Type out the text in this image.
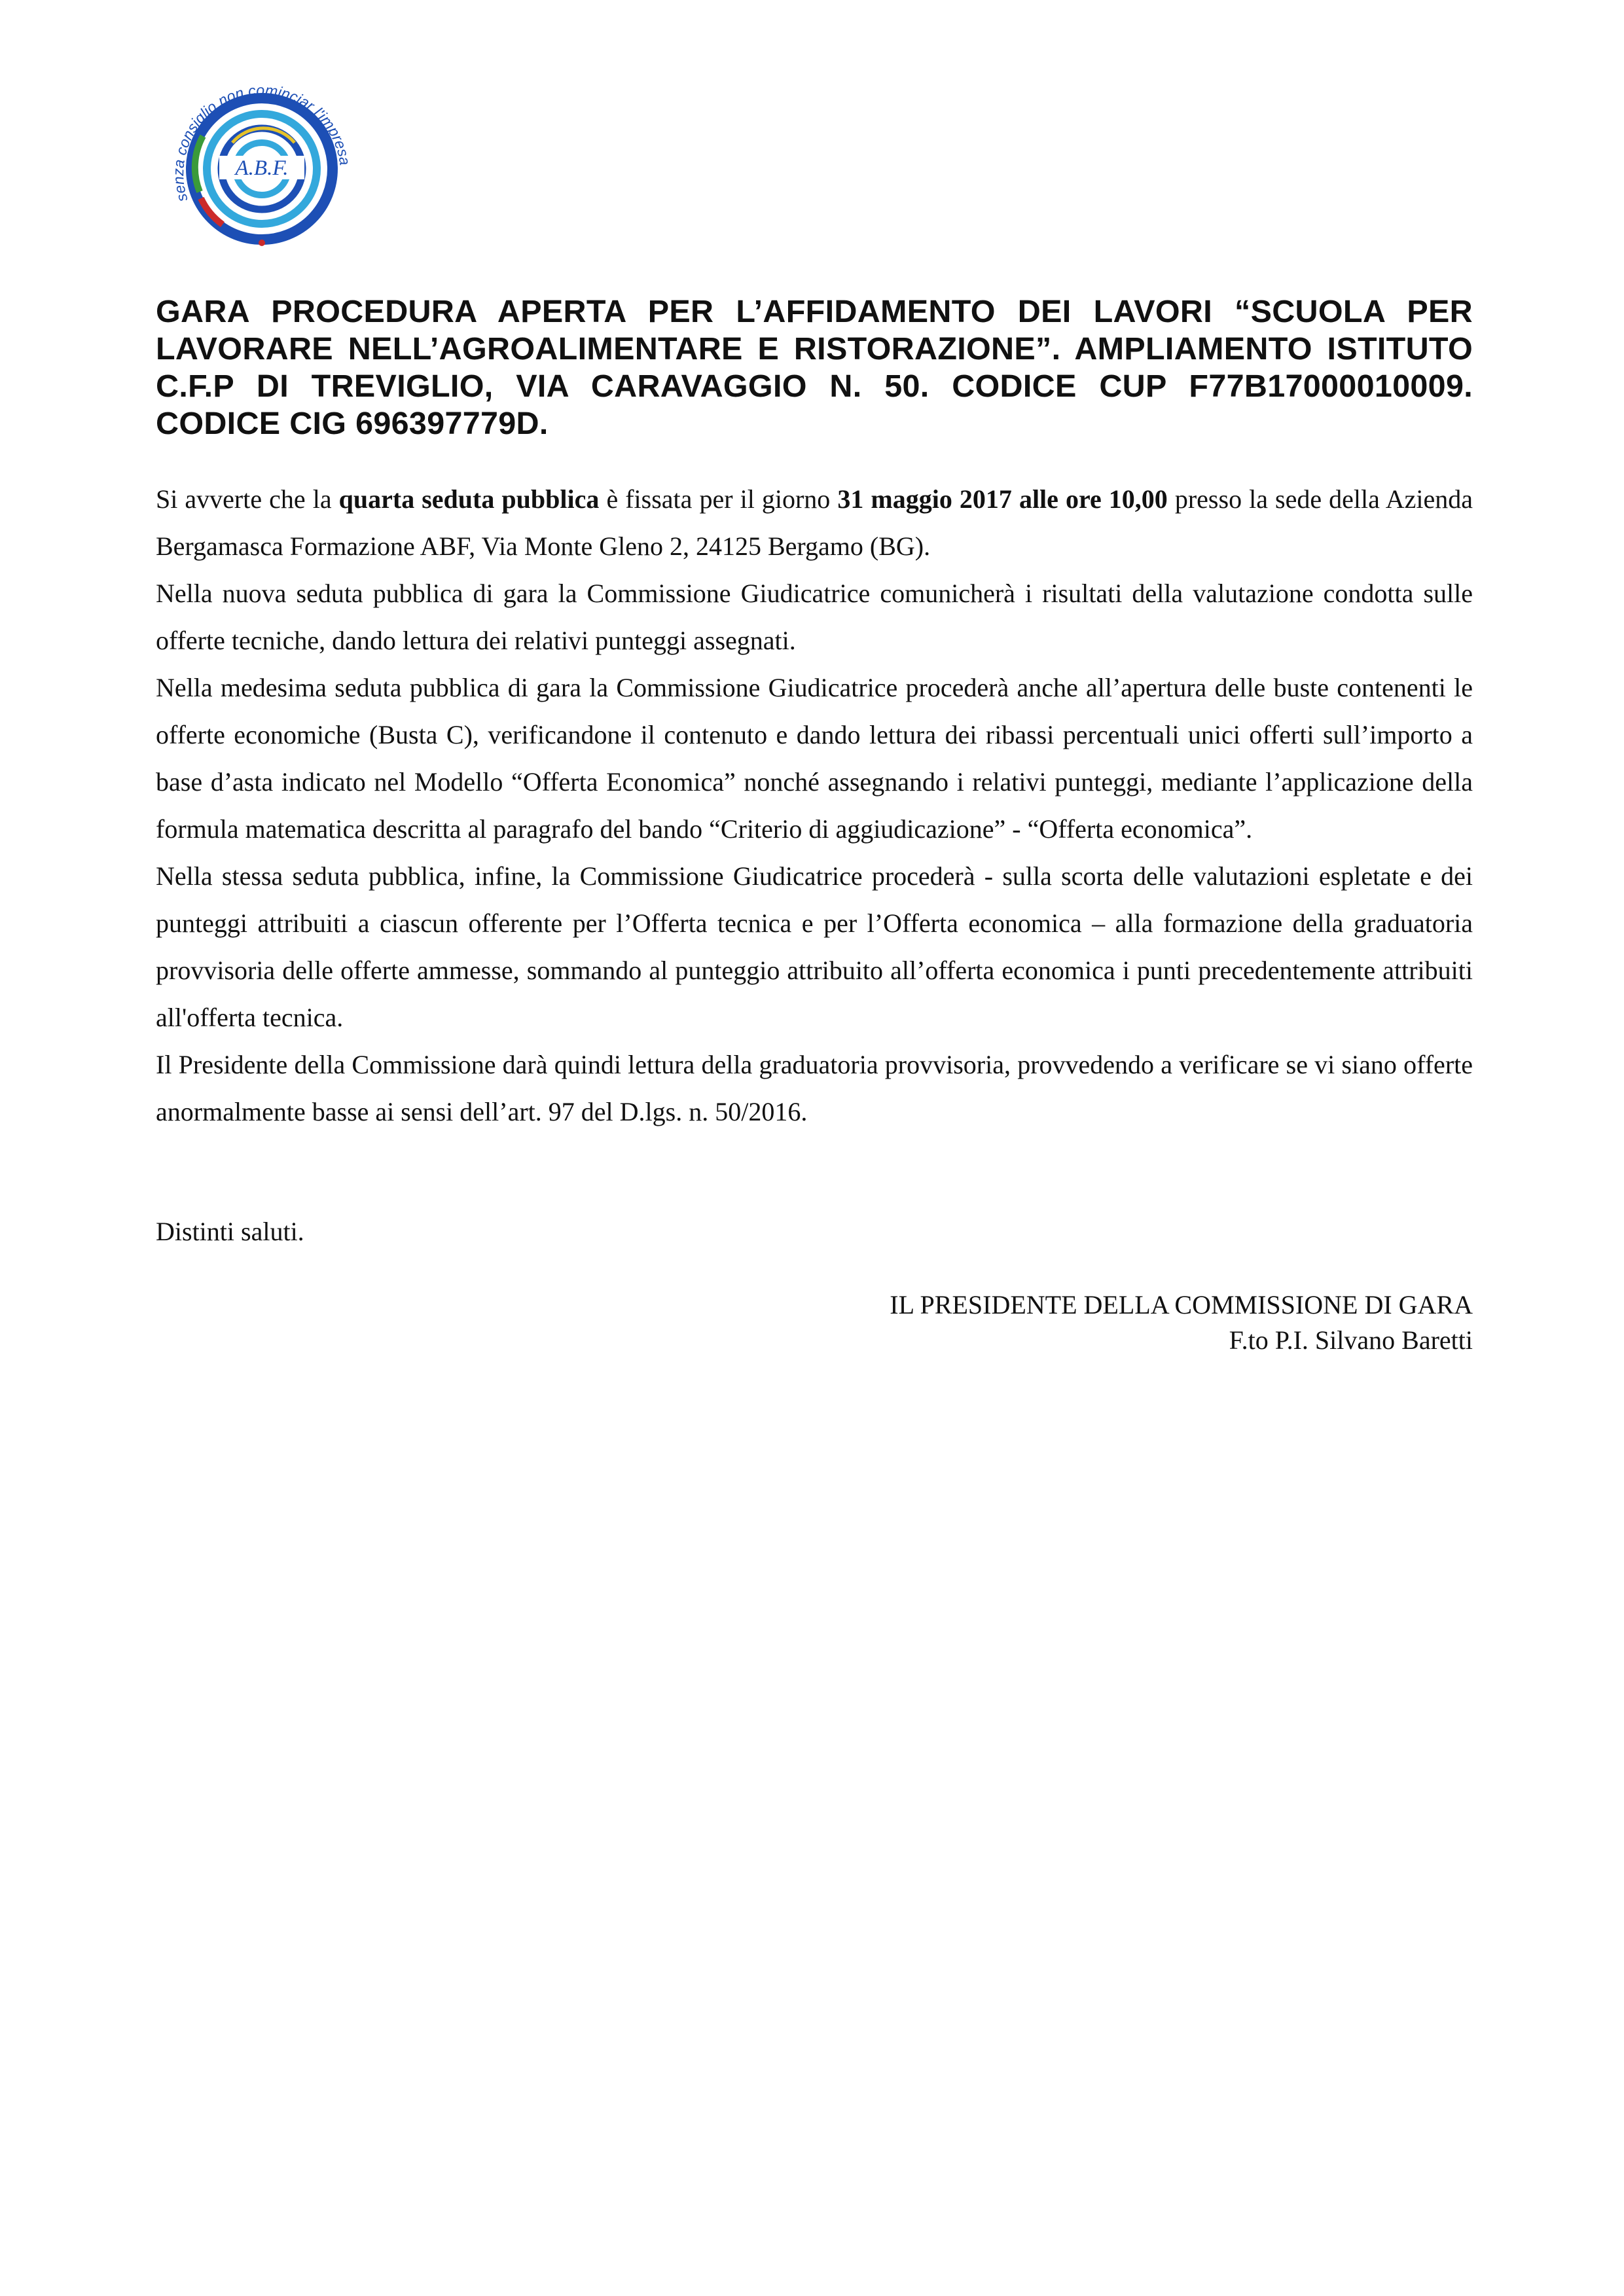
senza consiglio non cominciar l'impresa
A.B.F.
GARA PROCEDURA APERTA PER L’AFFIDAMENTO DEI LAVORI “SCUOLA PER LAVORARE NELL’AGROALIMENTARE E RISTORAZIONE”. AMPLIAMENTO ISTITUTO C.F.P DI TREVIGLIO, VIA CARAVAGGIO N. 50. CODICE CUP F77B17000010009. CODICE CIG 696397779D.

Si avverte che la quarta seduta pubblica è fissata per il giorno 31 maggio 2017 alle ore 10,00 presso la sede della Azienda Bergamasca Formazione ABF, Via Monte Gleno 2, 24125 Bergamo (BG).

Nella nuova seduta pubblica di gara la Commissione Giudicatrice comunicherà i risultati della valutazione condotta sulle offerte tecniche, dando lettura dei relativi punteggi assegnati.

Nella medesima seduta pubblica di gara la Commissione Giudicatrice procederà anche all’apertura delle buste contenenti le offerte economiche (Busta C), verificandone il contenuto e dando lettura dei ribassi percentuali unici offerti sull’importo a base d’asta indicato nel Modello “Offerta Economica” nonché assegnando i relativi punteggi, mediante l’applicazione della formula matematica descritta al paragrafo del bando “Criterio di aggiudicazione” - “Offerta economica”.

Nella stessa seduta pubblica, infine, la Commissione Giudicatrice procederà - sulla scorta delle valutazioni espletate e dei punteggi attribuiti a ciascun offerente per l’Offerta tecnica e per l’Offerta economica – alla formazione della graduatoria provvisoria delle offerte ammesse, sommando al punteggio attribuito all’offerta economica i punti precedentemente attribuiti all'offerta tecnica.

Il Presidente della Commissione darà quindi lettura della graduatoria provvisoria, provvedendo a verificare se vi siano offerte anormalmente basse ai sensi dell’art. 97 del D.lgs. n. 50/2016.

Distinti saluti.
IL PRESIDENTE DELLA COMMISSIONE DI GARA
F.to P.I. Silvano Baretti
